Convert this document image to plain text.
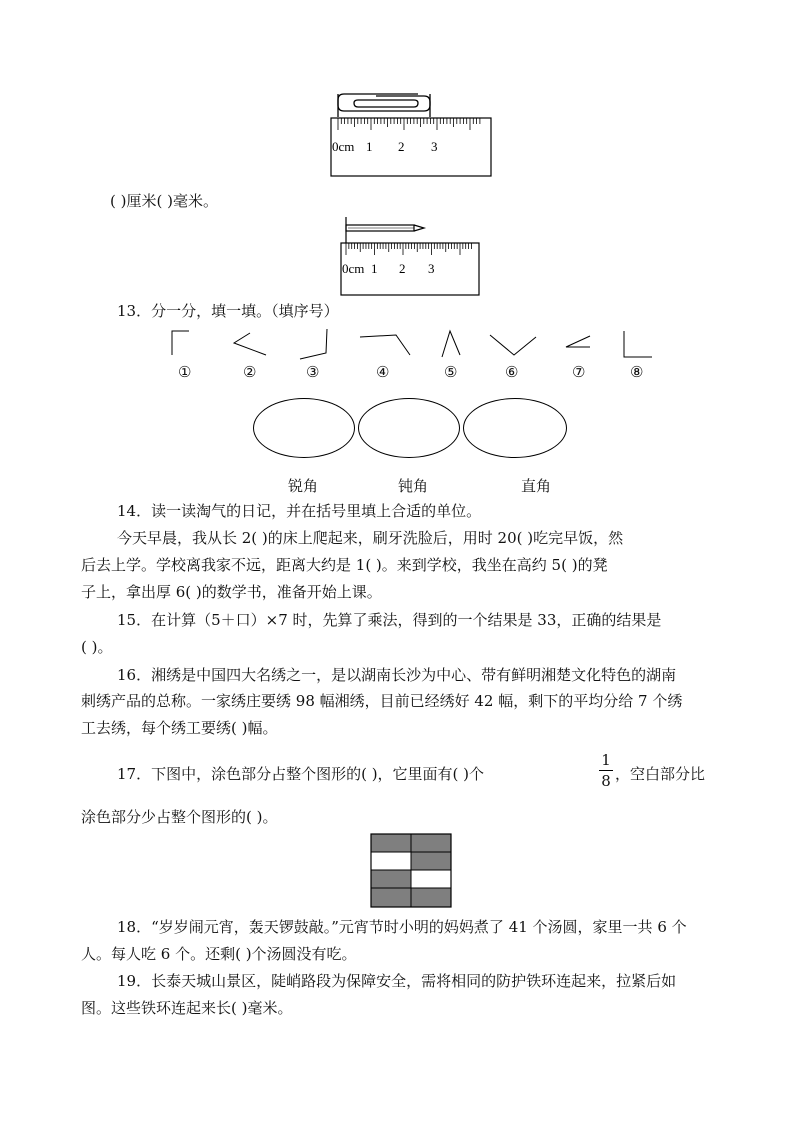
0cm 1 2 3
( )厘米( )毫米。
0cm 1 2 3
13．分一分，填一填。（填序号）
①	②	③	④	⑤	⑥	⑦	⑧
锐角	钝角	直角
14．读一读淘气的日记，并在括号里填上合适的单位。
今天早晨，我从长 2( )的床上爬起来，刷牙洗脸后，用时 20( )吃完早饭，然
后去上学。学校离我家不远，距离大约是 1( )。来到学校，我坐在高约 5( )的凳
子上，拿出厚 6( )的数学书，准备开始上课。
15．在计算（5＋口）×7 时，先算了乘法，得到的一个结果是 33，正确的结果是
( )。
16．湘绣是中国四大名绣之一，是以湖南长沙为中心、带有鲜明湘楚文化特色的湖南
刺绣产品的总称。一家绣庄要绣 98 幅湘绣，目前已经绣好 42 幅，剩下的平均分给 7 个绣
工去绣，每个绣工要绣( )幅。
17．下图中，涂色部分占整个图形的( )，它里面有( )个
1
8 ，空白部分比
涂色部分少占整个图形的( )。
18．“岁岁闹元宵，轰天锣鼓敲。”元宵节时小明的妈妈煮了 41 个汤圆，家里一共 6 个
人。每人吃 6 个。还剩( )个汤圆没有吃。
19．长泰天城山景区，陡峭路段为保障安全，需将相同的防护铁环连起来，拉紧后如
图。这些铁环连起来长( )毫米。
